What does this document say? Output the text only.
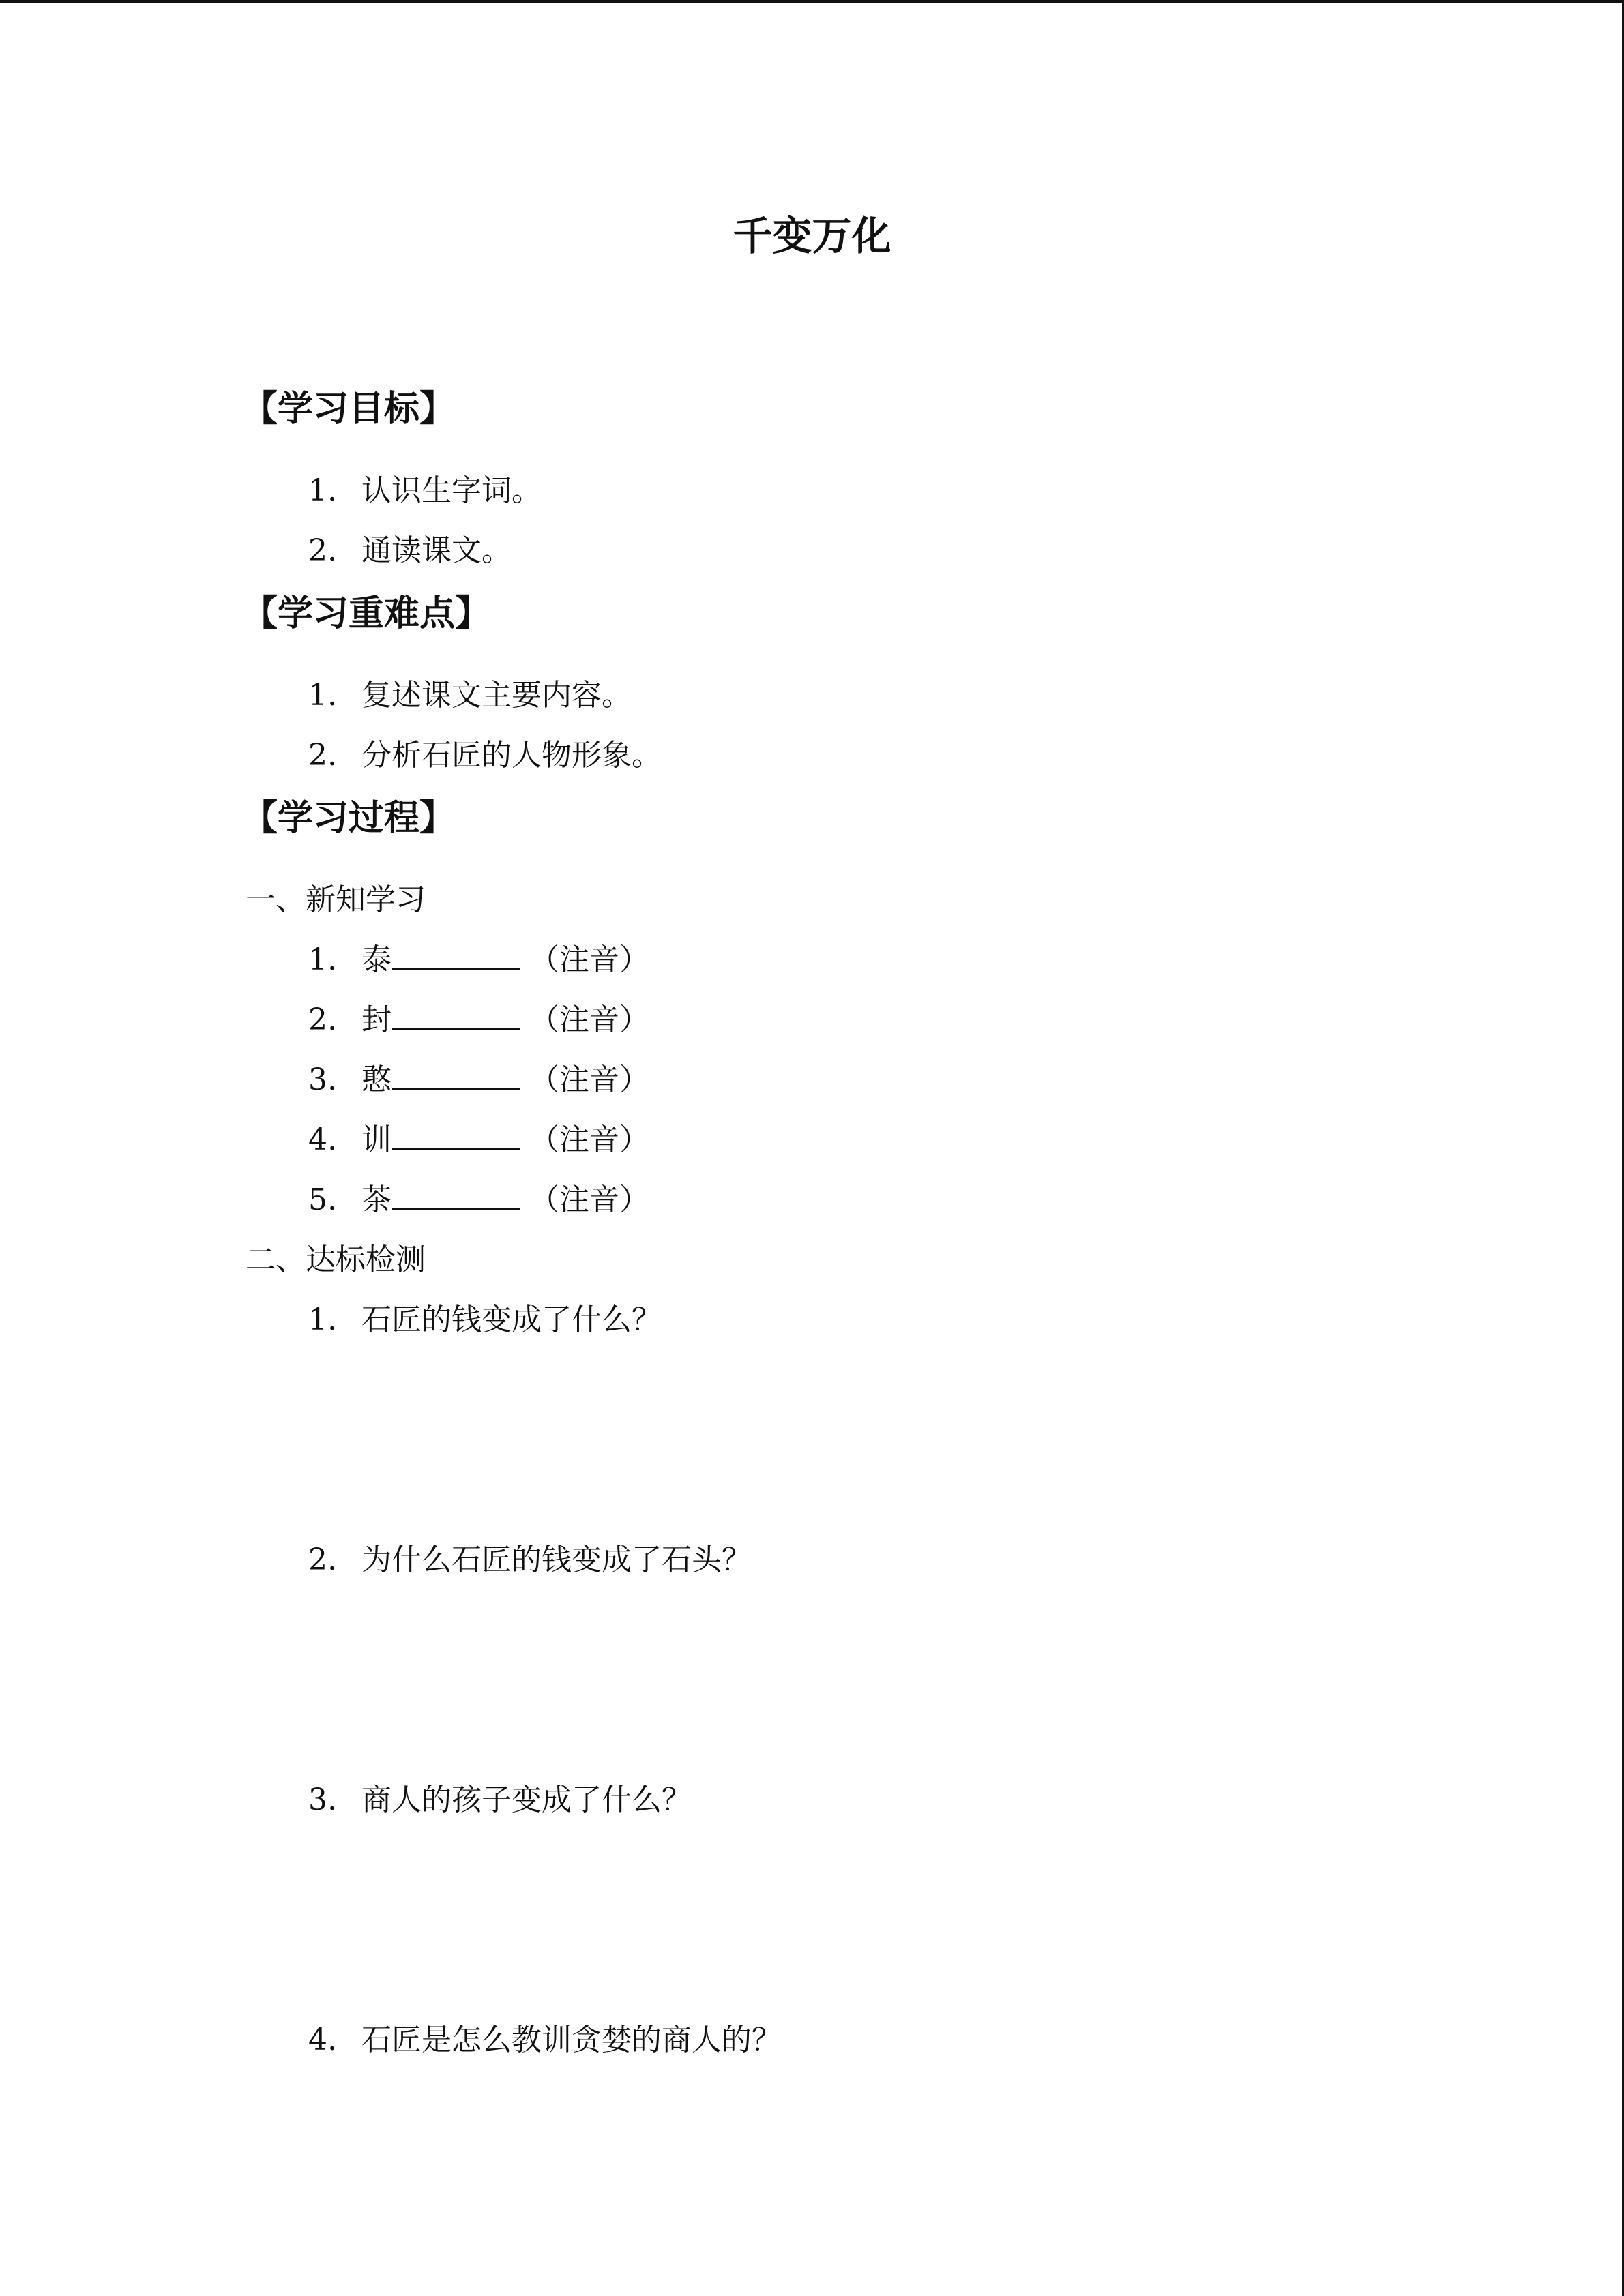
千变万化
【学习目标】
1. 认识生字词。
2. 通读课文。
【学习重难点】
1. 复述课文主要内容。
2. 分析石匠的人物形象。
【学习过程】
一、新知学习
1. 泰	（注音）
2. 封	（注音）
3. 憨	（注音）
4. 训	（注音）
5. 茶	（注音）
二、达标检测
1. 石匠的钱变成了什么？
2. 为什么石匠的钱变成了石头？
3. 商人的孩子变成了什么？
4. 石匠是怎么教训贪婪的商人的？
